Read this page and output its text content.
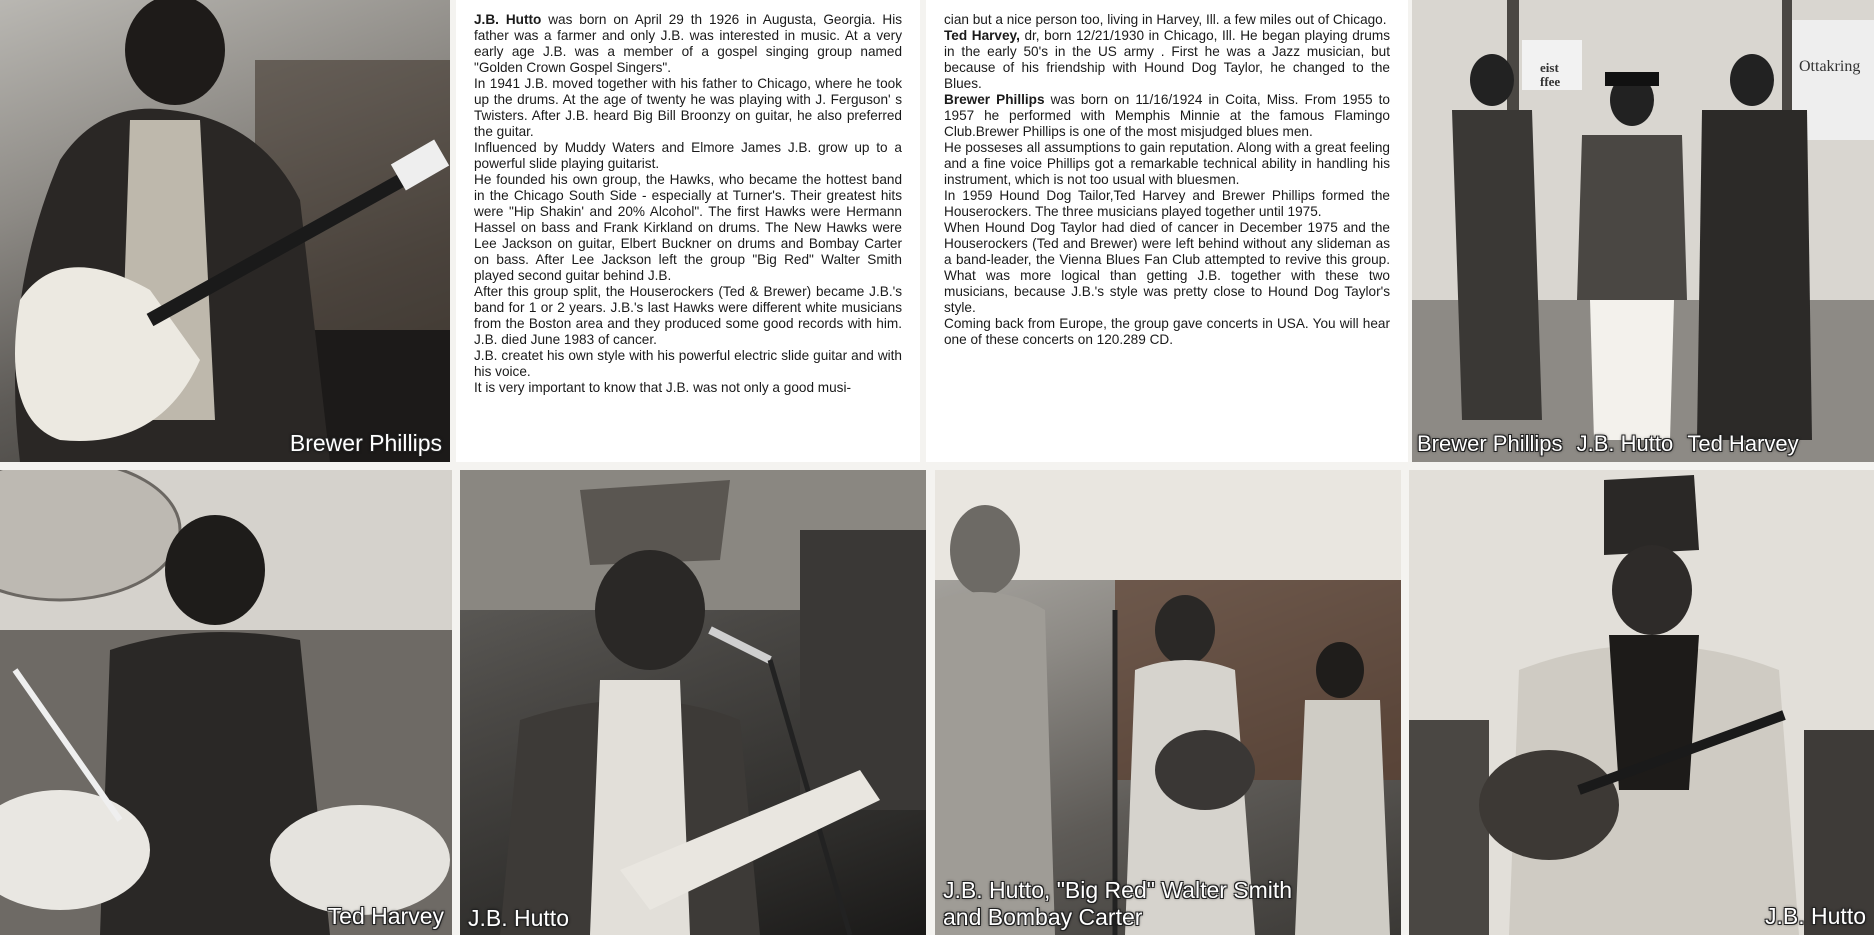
Brewer Phillips

J.B. Hutto was born on April 29 th 1926 in Augusta, Georgia. His father was a farmer and only J.B. was interested in music. At a very early age J.B. was a member of a gospel singing group named "Golden Crown Gospel Singers".

In 1941 J.B. moved together with his father to Chicago, where he took up the drums. At the age of twenty he was playing with J. Ferguson' s Twisters. After J.B. heard Big Bill Broonzy on guitar, he also preferred the guitar.

Influenced by Muddy Waters and Elmore James J.B. grow up to a powerful slide playing guitarist.

He founded his own group, the Hawks, who became the hottest band in the Chicago South Side - especially at Turner's. Their greatest hits were "Hip Shakin' and 20% Alcohol". The first Hawks were Hermann Hassel on bass and Frank Kirkland on drums. The New Hawks were Lee Jackson on guitar, Elbert Buckner on drums and Bombay Carter on bass. After Lee Jackson left the group "Big Red" Walter Smith played second guitar behind J.B.

After this group split, the Houserockers (Ted & Brewer) became J.B.'s band for 1 or 2 years. J.B.'s last Hawks were different white musicians from the Boston area and they produced some good records with him. J.B. died June 1983 of cancer.

J.B. createt his own style with his powerful electric slide guitar and with his voice.

It is very important to know that J.B. was not only a good musi-

cian but a nice person too, living in Harvey, Ill. a few miles out of Chicago.

Ted Harvey, dr, born 12/21/1930 in Chicago, Ill. He began playing drums in the early 50's in the US army . First he was a Jazz musician, but because of his friendship with Hound Dog Taylor, he changed to the Blues.

Brewer Phillips was born on 11/16/1924 in Coita, Miss. From 1955 to 1957 he performed with Memphis Minnie at the famous Flamingo Club.Brewer Phillips is one of the most misjudged blues men.

He posseses all assumptions to gain reputation. Along with a great feeling and a fine voice Phillips got a remarkable technical ability in handling his instrument, which is not too usual with bluesmen.

In 1959 Hound Dog Tailor,Ted Harvey and Brewer Phillips formed the Houserockers. The three musicians played together until 1975.

When Hound Dog Taylor had died of cancer in December 1975 and the Houserockers (Ted and Brewer) were left behind without any slideman as a band-leader, the Vienna Blues Fan Club attempted to revive this group. What was more logical than getting J.B. together with these two musicians, because J.B.'s style was pretty close to Hound Dog Taylor's style.

Coming back from Europe, the group gave concerts in USA. You will hear one of these concerts on 120.289 CD.

Ottakring
eist
ffee
Brewer Phillips J.B. Hutto Ted Harvey
Ted Harvey J.B. Hutto
J.B. Hutto, "Big Red" Walter Smith
and Bombay Carter	J.B. Hutto
